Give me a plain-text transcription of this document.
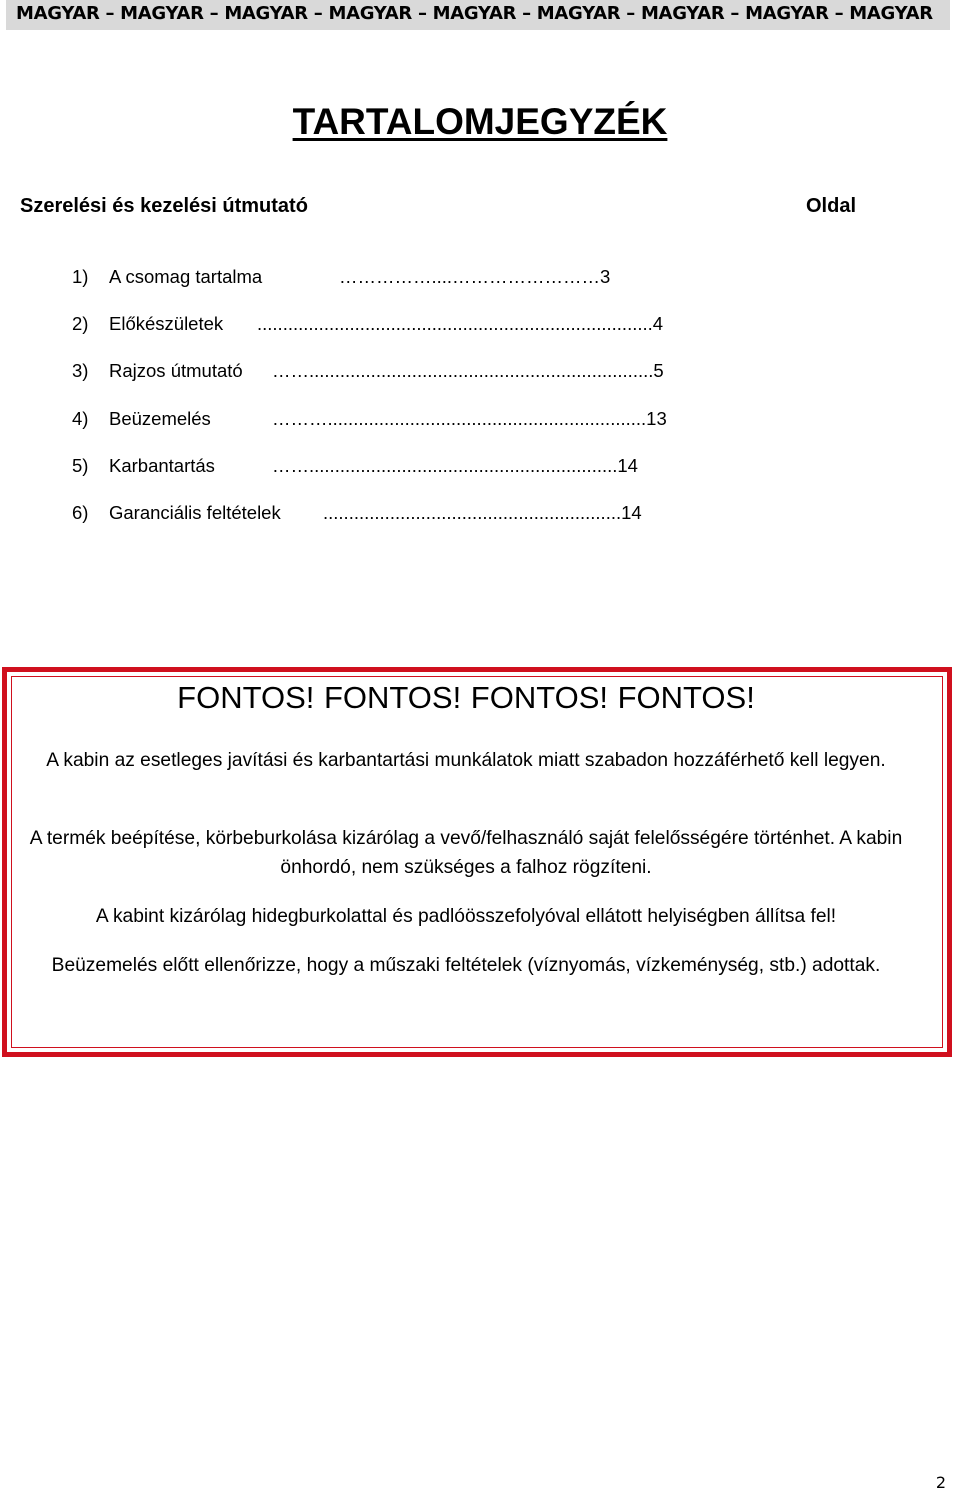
MAGYAR – MAGYAR – MAGYAR – MAGYAR – MAGYAR – MAGYAR – MAGYAR – MAGYAR – MAGYAR
TARTALOMJEGYZÉK
Szerelési és kezelési útmutató	Oldal
1) A csomag tartalma	……………....……………………3
2) Előkészületek .............................................................................4
3) Rajzos útmutató ……...................................................................5
4) Beüzemelés	………..............................................................13
5) Karbantartás	……............................................................14
6) Garanciális feltételek ..........................................................14
FONTOS! FONTOS! FONTOS! FONTOS!
A kabin az esetleges javítási és karbantartási munkálatok miatt szabadon hozzáférhető kell legyen.
A termék beépítése, körbeburkolása kizárólag a vevő/felhasználó saját felelősségére történhet. A kabin önhordó, nem szükséges a falhoz rögzíteni.
A kabint kizárólag hidegburkolattal és padlóösszefolyóval ellátott helyiségben állítsa fel!
Beüzemelés előtt ellenőrizze, hogy a műszaki feltételek (víznyomás, vízkeménység, stb.) adottak.
2
